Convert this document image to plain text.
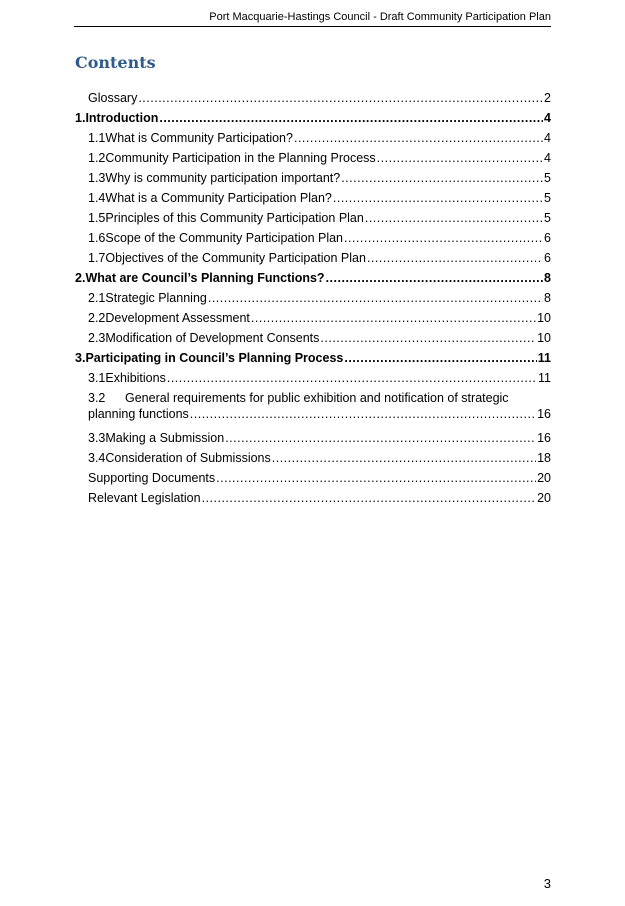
Port Macquarie-Hastings Council - Draft Community Participation Plan
Contents
Glossary .....	2
1. Introduction .....	4
1.1 What is Community Participation? .....	4
1.2 Community Participation in the Planning Process .....	4
1.3 Why is community participation important? .....	5
1.4 What is a Community Participation Plan? .....	5
1.5 Principles of this Community Participation Plan .....	5
1.6 Scope of the Community Participation Plan .....	6
1.7 Objectives of the Community Participation Plan .....	6
2. What are Council’s Planning Functions? .....	8
2.1 Strategic Planning .....	8
2.2 Development Assessment .....	10
2.3 Modification of Development Consents .....	10
3. Participating in Council’s Planning Process .....	11
3.1 Exhibitions .....	11
3.2 General requirements for public exhibition and notification of strategic
planning functions .....	16
3.3 Making a Submission .....	16
3.4 Consideration of Submissions .....	18
Supporting Documents .....	20
Relevant Legislation .....	20
3
